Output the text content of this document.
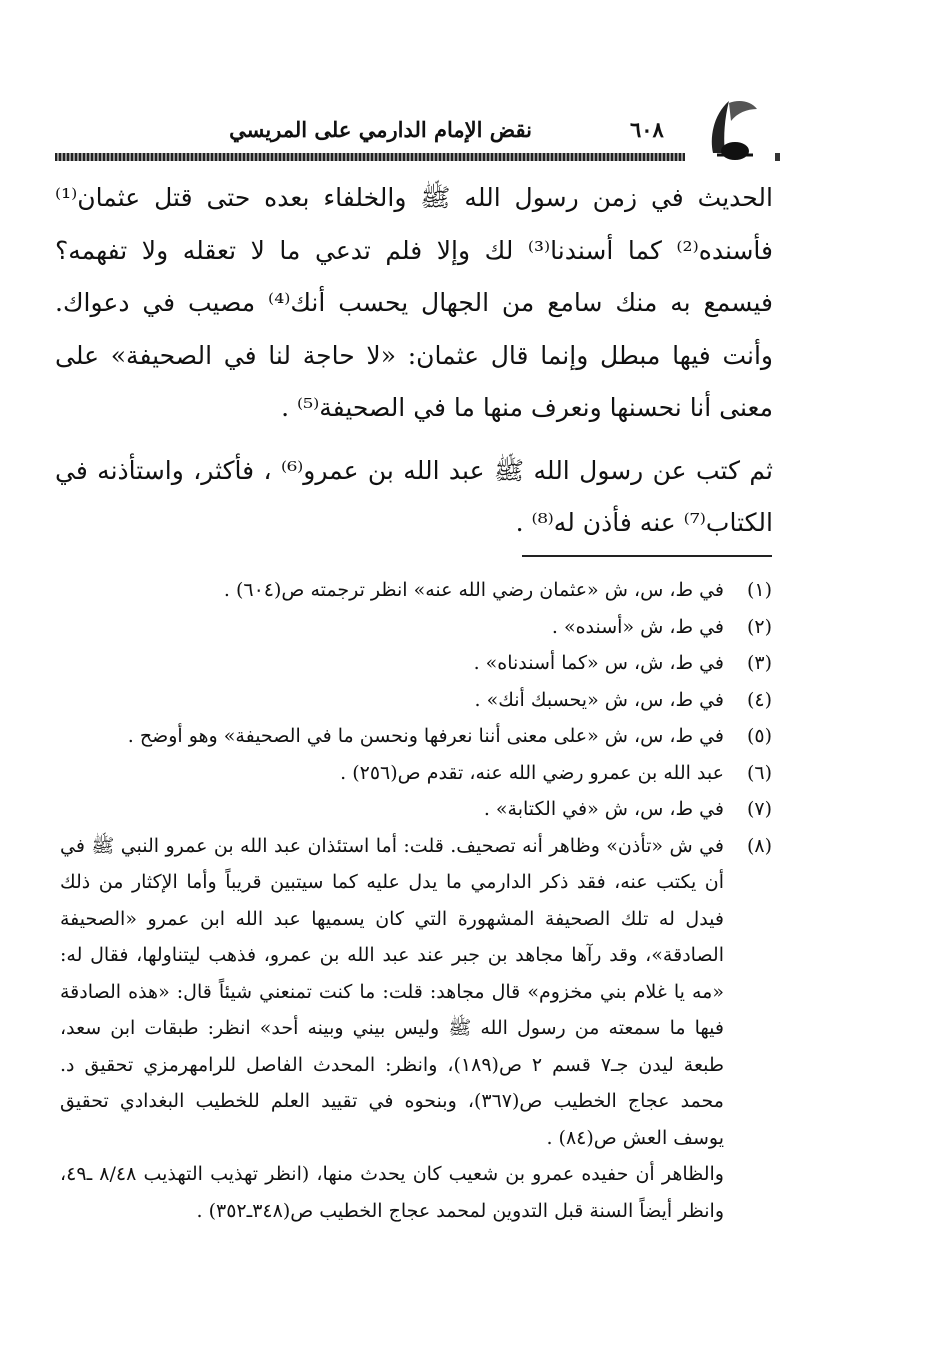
نقض الإمام الدارمي على المريسي	٦٠٨

الحديث في زمن رسول الله ﷺ والخلفاء بعده حتى قتل عثمان⁽¹⁾ فأسنده⁽²⁾ كما أسندنا⁽³⁾ لك وإلا فلم تدعي ما لا تعقله ولا تفهمه؟ فيسمع به منك سامع من الجهال يحسب أنك⁽⁴⁾ مصيب في دعواك. وأنت فيها مبطل وإنما قال عثمان: «لا حاجة لنا في الصحيفة» على معنى أنا نحسنها ونعرف منها ما في الصحيفة⁽⁵⁾ .

ثم كتب عن رسول الله ﷺ عبد الله بن عمرو⁽⁶⁾ ، فأكثر، واستأذنه في الكتاب⁽⁷⁾ عنه فأذن له⁽⁸⁾ .

(١)
في ط، س، ش «عثمان رضي الله عنه» انظر ترجمته ص(٦٠٤) .
(٢)
في ط، ش «أسنده» .
(٣)
في ط، ش، س «كما أسندناه» .
(٤)
في ط، س، ش «يحسبك أنك» .
(٥)
في ط، س، ش «على معنى أننا نعرفها ونحسن ما في الصحيفة» وهو أوضح .
(٦)
عبد الله بن عمرو رضي الله عنه، تقدم ص(٢٥٦) .
(٧)
في ط، س، ش «في الكتابة» .
(٨)
في ش «تأذن» وظاهر أنه تصحيف. قلت: أما استئذان عبد الله بن عمرو النبي ﷺ في أن يكتب عنه، فقد ذكر الدارمي ما يدل عليه كما سيتبين قريباً وأما الإكثار من ذلك فيدل له تلك الصحيفة المشهورة التي كان يسميها عبد الله ابن عمرو «الصحيفة الصادقة»، وقد رآها مجاهد بن جبر عند عبد الله بن عمرو، فذهب ليتناولها، فقال له: «مه يا غلام بني مخزوم» قال مجاهد: قلت: ما كنت تمنعني شيئاً قال: «هذه الصادقة فيها ما سمعته من رسول الله ﷺ وليس بيني وبينه أحد» انظر: طبقات ابن سعد، طبعة ليدن جـ٧ قسم ٢ ص(١٨٩)، وانظر: المحدث الفاصل للرامهرمزي تحقيق د. محمد عجاج الخطيب ص(٣٦٧)، وبنحوه في تقييد العلم للخطيب البغدادي تحقيق يوسف العش ص(٨٤) .
والظاهر أن حفيده عمرو بن شعيب كان يحدث منها، (انظر تهذيب التهذيب ٨/٤٨ ـ٤٩، وانظر أيضاً السنة قبل التدوين لمحمد عجاج الخطيب ص(٣٤٨ـ٣٥٢) .
